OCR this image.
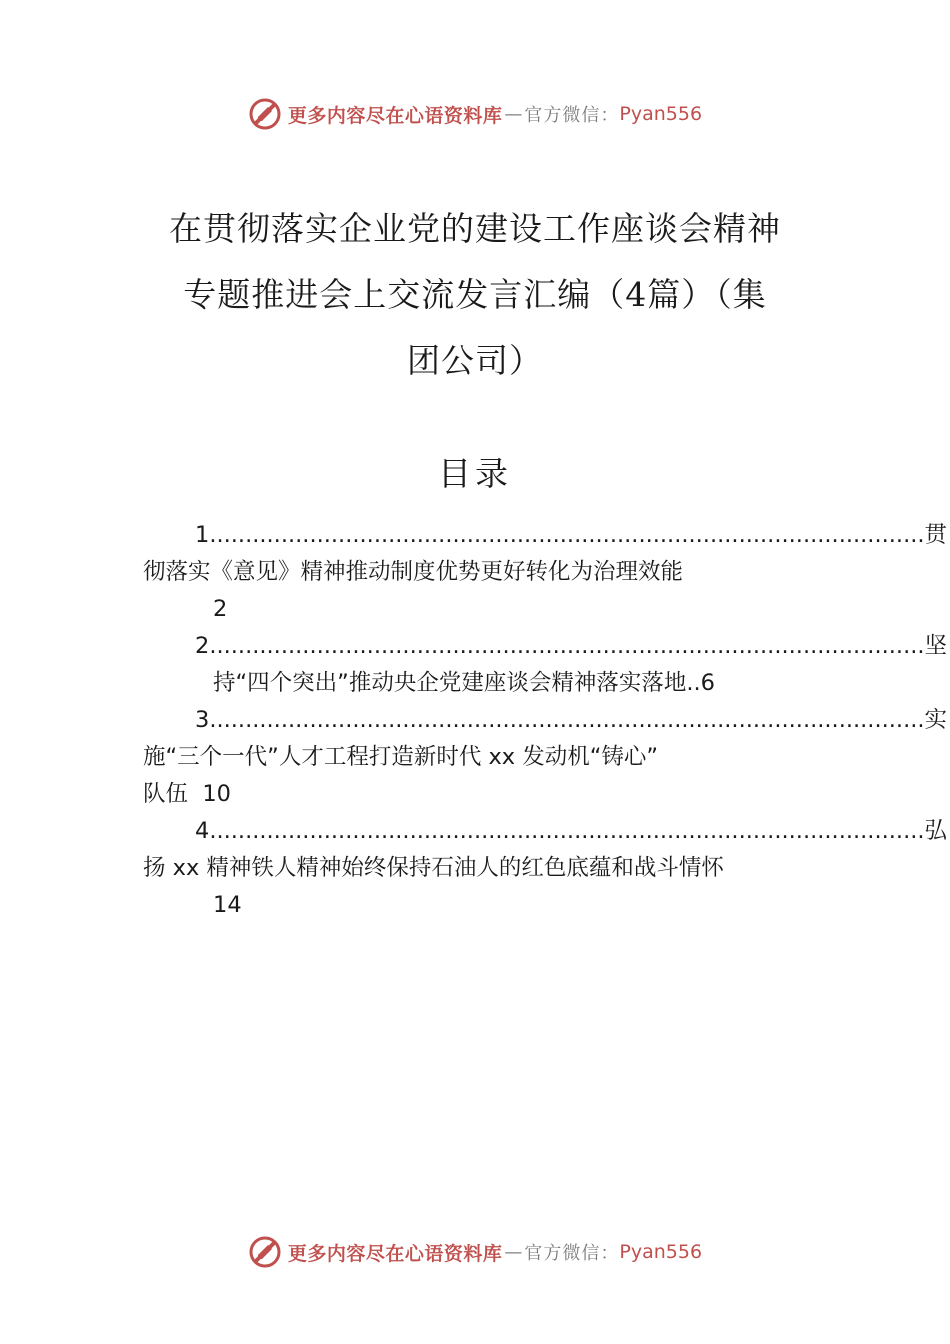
更多内容尽在心语资料库 — 官方微信： Pyan556
在贯彻落实企业党的建设工作座谈会精神
专题推进会上交流发言汇编（4篇）（集
团公司）
目录
1. ................................................................................................... 贯
彻落实《意见》精神推动制度优势更好转化为治理效能
2
2. ................................................................................................... 坚
持“四个突出”推动央企党建座谈会精神落实落地..6
3. ................................................................................................... 实
施“三个一代”人才工程打造新时代 xx 发动机“铸心”
队伍 10
4. ................................................................................................... 弘
扬 xx 精神铁人精神始终保持石油人的红色底蕴和战斗情怀
14
更多内容尽在心语资料库 — 官方微信： Pyan556
